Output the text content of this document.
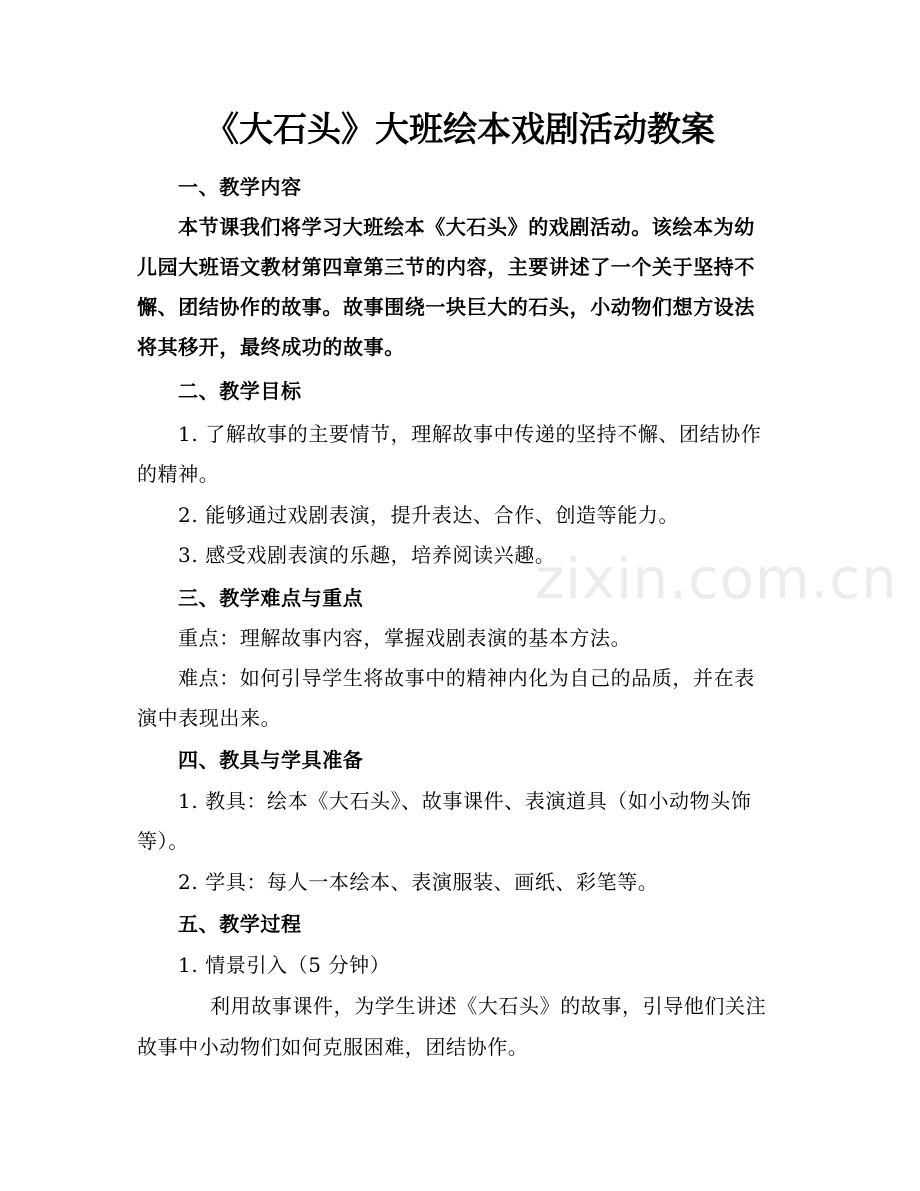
zixin.com.cn
《大石头》大班绘本戏剧活动教案
一、教学内容
本节课我们将学习大班绘本《大石头》的戏剧活动。该绘本为幼
儿园大班语文教材第四章第三节的内容，主要讲述了一个关于坚持不
懈、团结协作的故事。故事围绕一块巨大的石头，小动物们想方设法
将其移开，最终成功的故事。
二、教学目标
1. 了解故事的主要情节，理解故事中传递的坚持不懈、团结协作
的精神。
2. 能够通过戏剧表演，提升表达、合作、创造等能力。
3. 感受戏剧表演的乐趣，培养阅读兴趣。
三、教学难点与重点
重点：理解故事内容，掌握戏剧表演的基本方法。
难点：如何引导学生将故事中的精神内化为自己的品质，并在表
演中表现出来。
四、教具与学具准备
1. 教具：绘本《大石头》、故事课件、表演道具（如小动物头饰
等）。
2. 学具：每人一本绘本、表演服装、画纸、彩笔等。
五、教学过程
1. 情景引入（5 分钟）
利用故事课件，为学生讲述《大石头》的故事，引导他们关注
故事中小动物们如何克服困难，团结协作。
